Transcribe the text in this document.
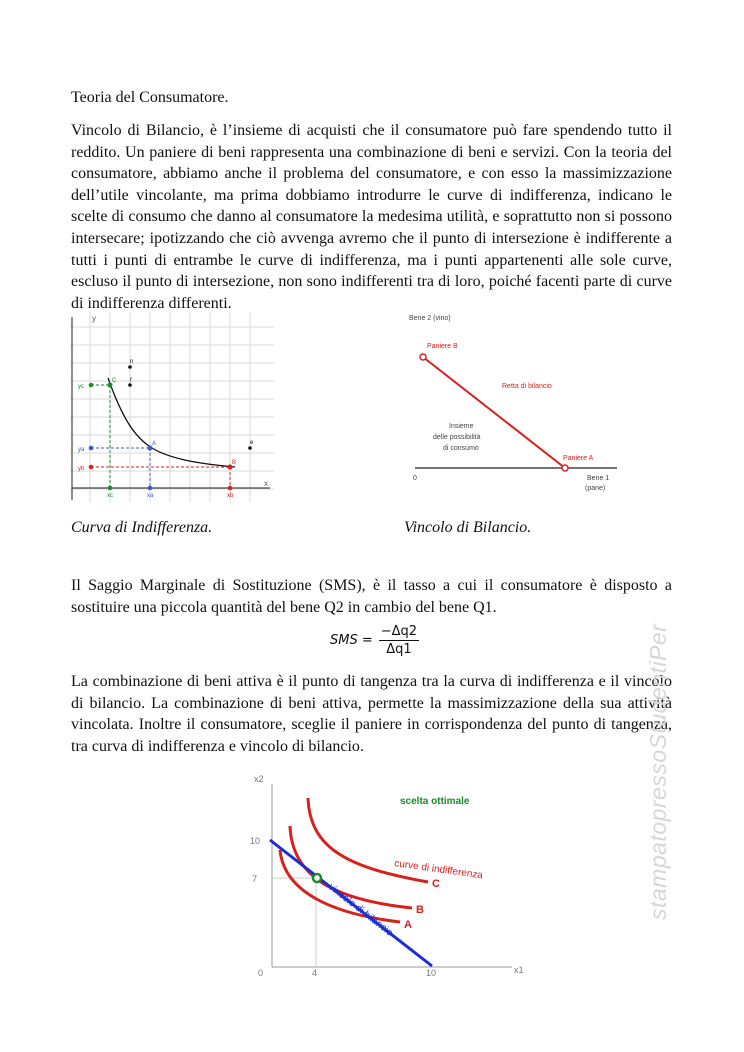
Teoria del Consumatore.

Vincolo di Bilancio, è l’insieme di acquisti che il consumatore può fare spendendo tutto il reddito. Un paniere di beni rappresenta una combinazione di beni e servizi. Con la teoria del consumatore, abbiamo anche il problema del consumatore, e con esso la massimizzazione dell’utile vincolante, ma prima dobbiamo introdurre le curve di indifferenza, indicano le scelte di consumo che danno al consumatore la medesima utilità, e soprattutto non si possono intersecare; ipotizzando che ciò avvenga avremo che il punto di intersezione è indifferente a tutti i punti di entrambe le curve di indifferenza, ma i punti appartenenti alle sole curve, escluso il punto di intersezione, non sono indifferenti tra di loro, poiché facenti parte di curve di indifferenza differenti.

y
x
n
f
e
C
A
B
yc
ya
yb
xc	xa	xb
Bene 2 (vino)
Paniere B
Retta di bilancio
Insieme
delle possibilità
di consumo
Paniere A
0	Bene 1
(pane)
Curva di Indifferenza.	Vincolo di Bilancio.

Il Saggio Marginale di Sostituzione (SMS), è il tasso a cui il consumatore è disposto a sostituire una piccola quantità del bene Q2 in cambio del bene Q1.

SMS = $\frac{-\Delta q2}{\Delta q1}$

La combinazione di beni attiva è il punto di tangenza tra la curva di indifferenza e il vincolo di bilancio. La combinazione di beni attiva, permette la massimizzazione della sua attività vincolata. Inoltre il consumatore, sceglie il paniere in corrispondenza del punto di tangenza, tra curva di indifferenza e vincolo di bilancio.

x2
x1
10
7
0	4	10
scelta ottimale
curve di indifferenza
vincolo di bilancio	C
B
A
stampatopressoStudentiPer
